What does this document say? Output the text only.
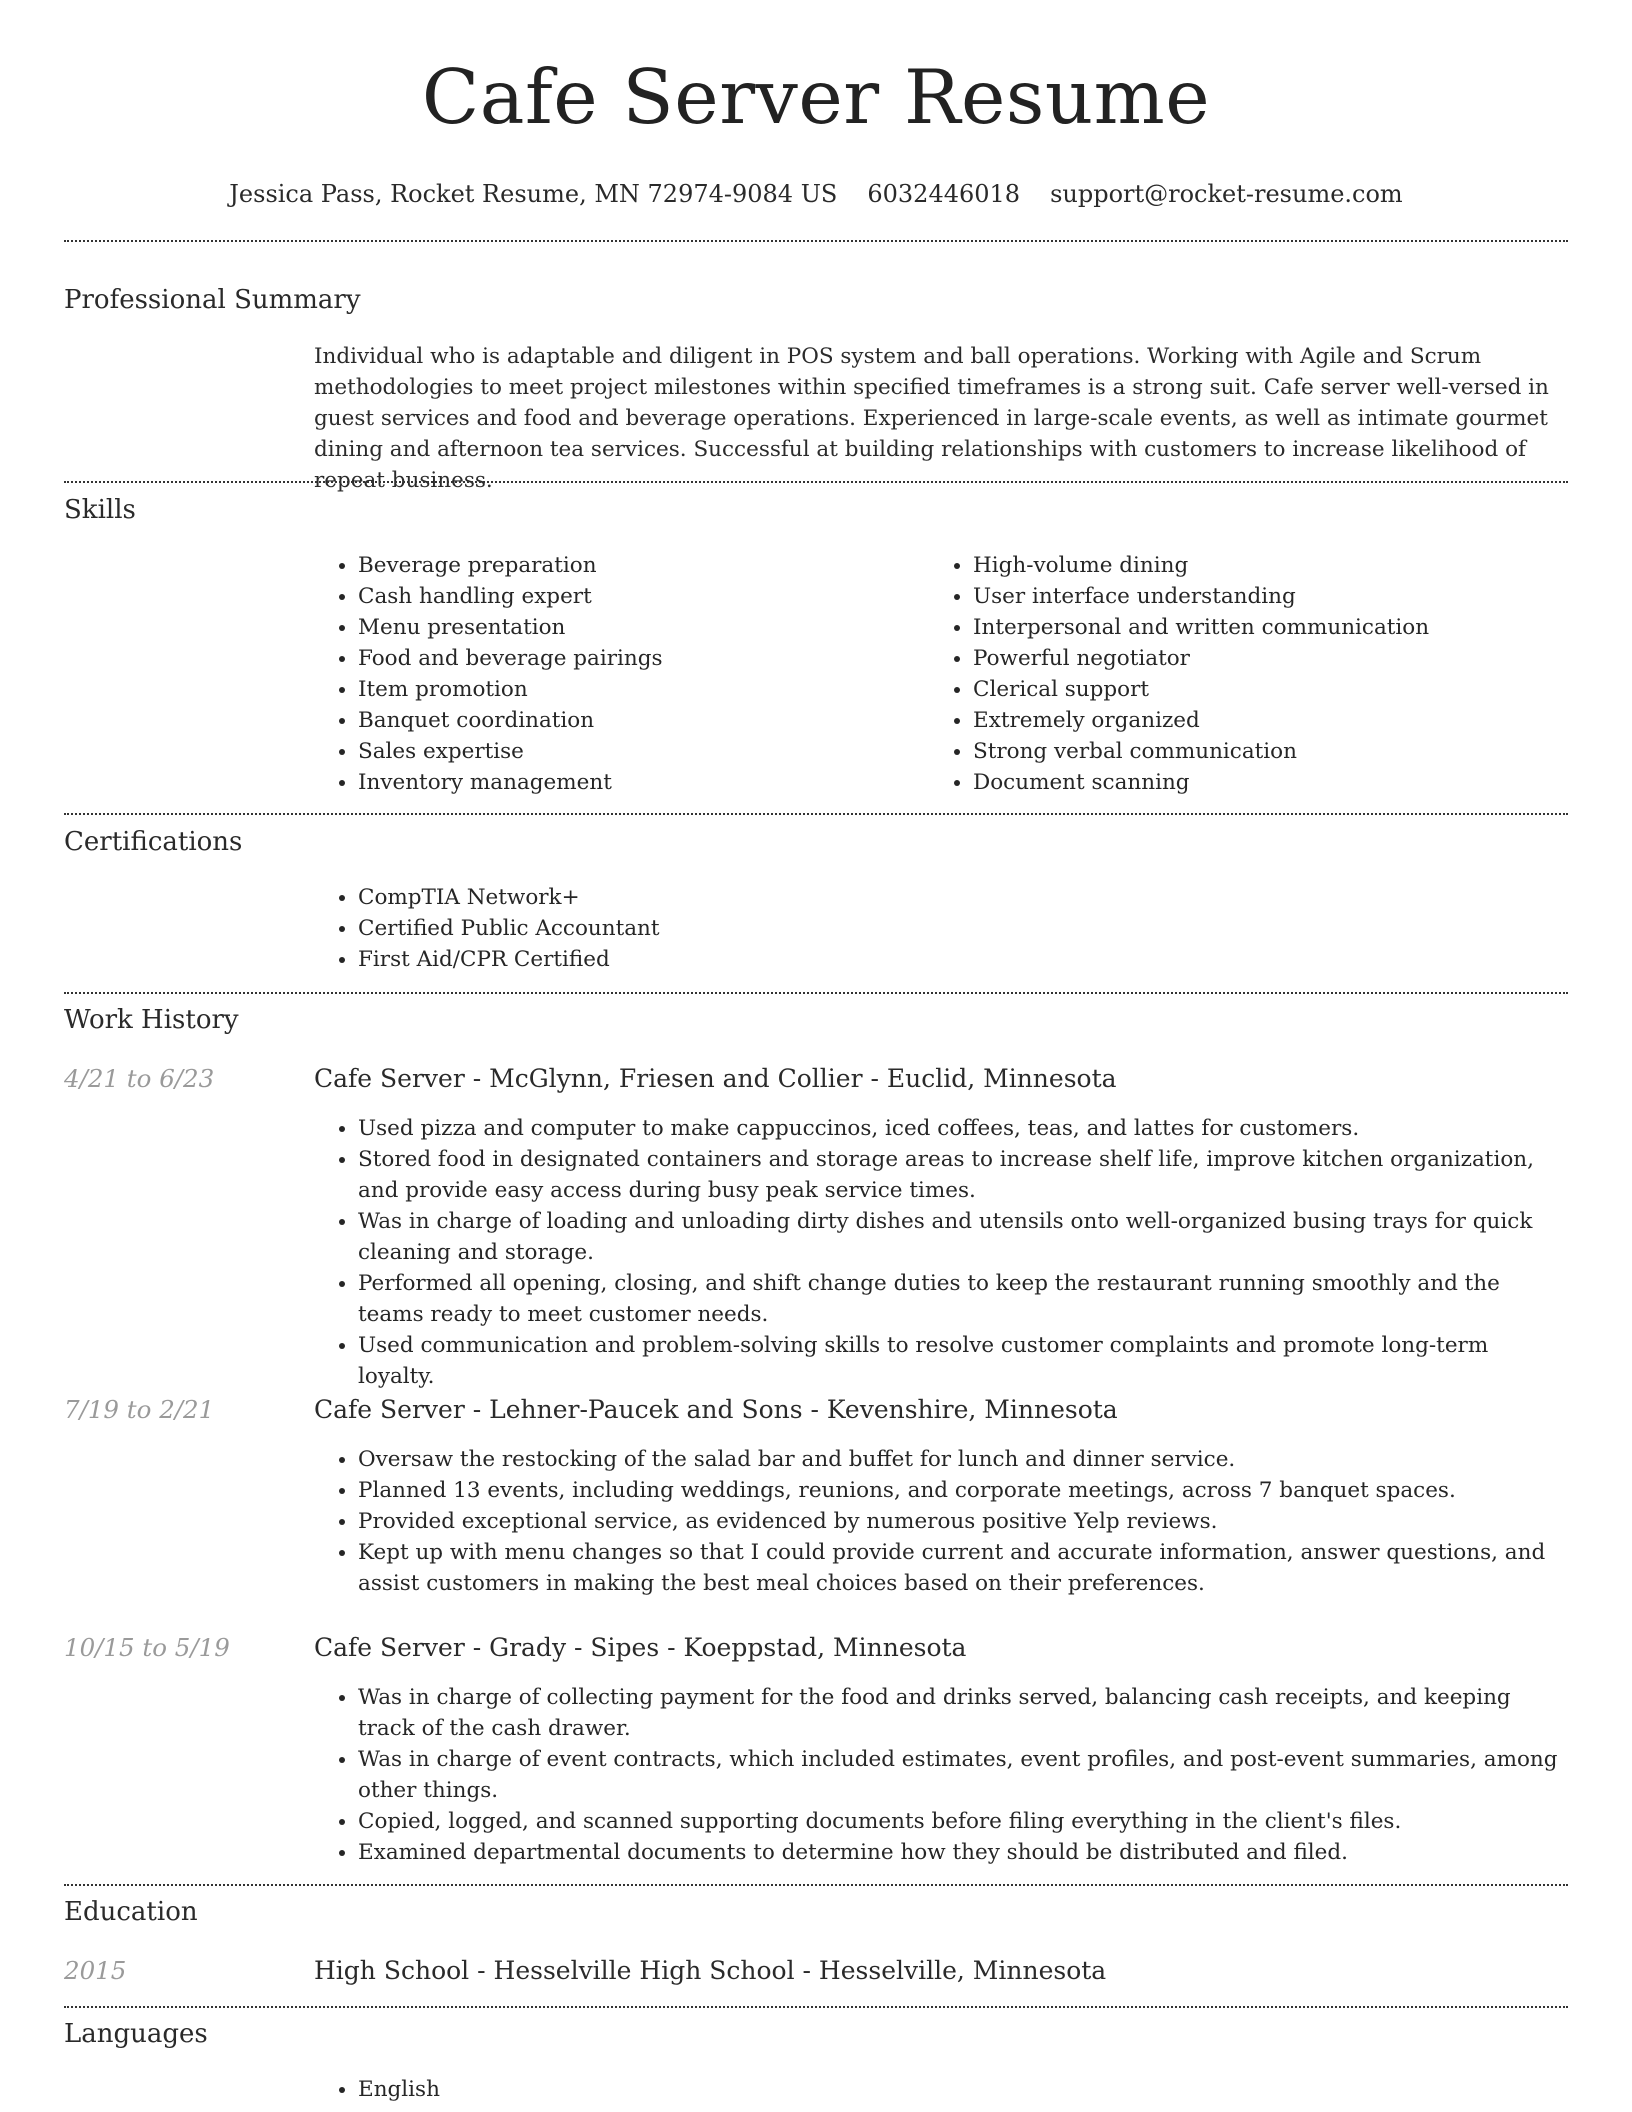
Cafe Server Resume
Jessica Pass, Rocket Resume, MN 72974-9084 US 6032446018 support@rocket-resume.com
Professional Summary
Individual who is adaptable and diligent in POS system and ball operations. Working with Agile and Scrum methodologies to meet project milestones within specified timeframes is a strong suit. Cafe server well-versed in guest services and food and beverage operations. Experienced in large-scale events, as well as intimate gourmet dining and afternoon tea services. Successful at building relationships with customers to increase likelihood of repeat business.
Skills
• Beverage preparation
• Cash handling expert
• Menu presentation
• Food and beverage pairings
• Item promotion
• Banquet coordination
• Sales expertise
• Inventory management
• High-volume dining
• User interface understanding
• Interpersonal and written communication
• Powerful negotiator
• Clerical support
• Extremely organized
• Strong verbal communication
• Document scanning
Certifications
• CompTIA Network+
• Certified Public Accountant
• First Aid/CPR Certified
Work History
4/21 to 6/23	Cafe Server - McGlynn, Friesen and Collier - Euclid, Minnesota
• Used pizza and computer to make cappuccinos, iced coffees, teas, and lattes for customers.
• Stored food in designated containers and storage areas to increase shelf life, improve kitchen organization, and provide easy access during busy peak service times.
• Was in charge of loading and unloading dirty dishes and utensils onto well-organized busing trays for quick cleaning and storage.
• Performed all opening, closing, and shift change duties to keep the restaurant running smoothly and the teams ready to meet customer needs.
• Used communication and problem-solving skills to resolve customer complaints and promote long-term loyalty.
7/19 to 2/21	Cafe Server - Lehner-Paucek and Sons - Kevenshire, Minnesota
• Oversaw the restocking of the salad bar and buffet for lunch and dinner service.
• Planned 13 events, including weddings, reunions, and corporate meetings, across 7 banquet spaces.
• Provided exceptional service, as evidenced by numerous positive Yelp reviews.
• Kept up with menu changes so that I could provide current and accurate information, answer questions, and assist customers in making the best meal choices based on their preferences.
10/15 to 5/19	Cafe Server - Grady - Sipes - Koeppstad, Minnesota
• Was in charge of collecting payment for the food and drinks served, balancing cash receipts, and keeping track of the cash drawer.
• Was in charge of event contracts, which included estimates, event profiles, and post-event summaries, among other things.
• Copied, logged, and scanned supporting documents before filing everything in the client's files.
• Examined departmental documents to determine how they should be distributed and filed.
Education
2015	High School - Hesselville High School - Hesselville, Minnesota
Languages
• English
